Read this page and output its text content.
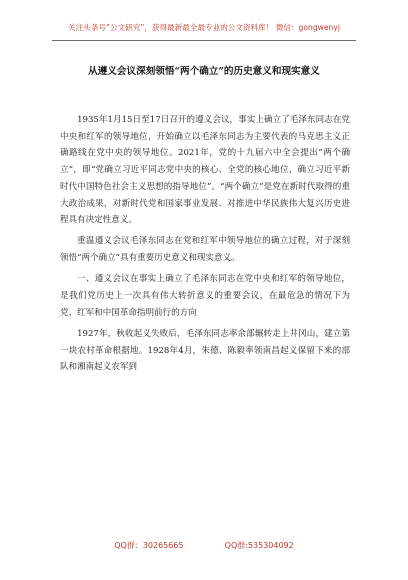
关注头条号“公文研究”，获得最新最全最专业的公文资料库！ 微信：gongwenyj
从遵义会议深刻领悟“两个确立”的历史意义和现实意义

1935年1月15日至17日召开的遵义会议，事实上确立了毛泽东同志在党中央和红军的领导地位，开始确立以毛泽东同志为主要代表的马克思主义正确路线在党中央的领导地位。2021年，党的十九届六中全会提出“两个确立”，即“党确立习近平同志党中央的核心、全党的核心地位，确立习近平新时代中国特色社会主义思想的指导地位”。“两个确立”是党在新时代取得的重大政治成果，对新时代党和国家事业发展、对推进中华民族伟大复兴历史进程具有决定性意义。

重温遵义会议毛泽东同志在党和红军中领导地位的确立过程，对于深刻领悟“两个确立”具有重要历史意义和现实意义。

一、遵义会议在事实上确立了毛泽东同志在党中央和红军的领导地位，是我们党历史上一次具有伟大转折意义的重要会议，在最危急的情况下为党、红军和中国革命指明前行的方向

1927年，秋收起义失败后，毛泽东同志率余部辗转走上井冈山，建立第一块农村革命根据地。1928年4月，朱德、陈毅率领南昌起义保留下来的部队和湘南起义农军到

QQ群：30265665	QQ群:535304092
